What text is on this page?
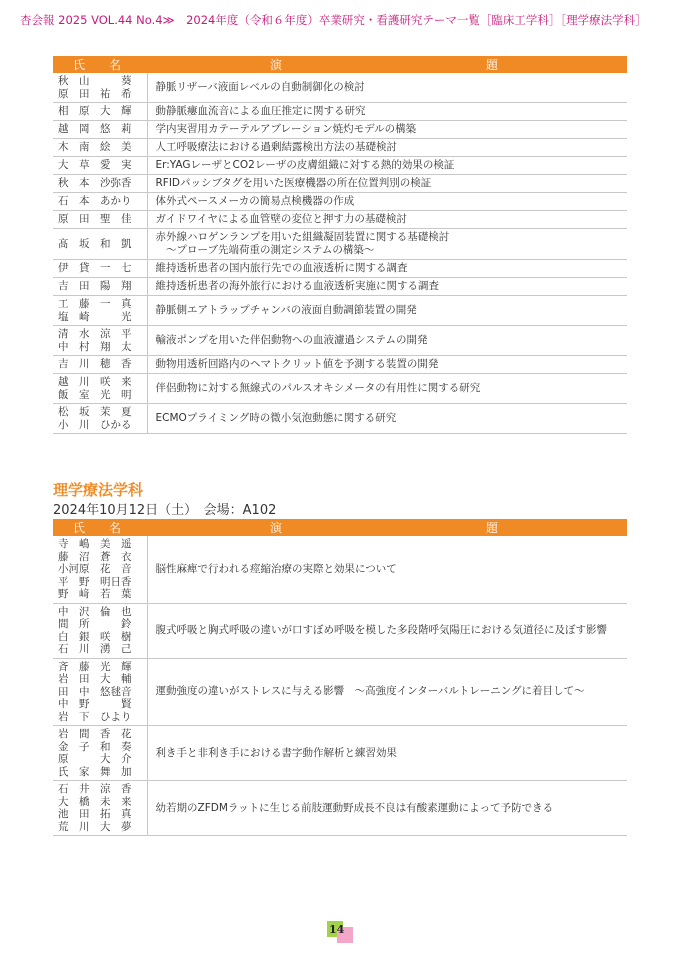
杏会報 2025 VOL.44 No.4≫　2024年度（令和６年度）卒業研究・看護研究テーマ一覧［臨床工学科］［理学療法学科］
氏　名	演　　　　　　　　　　　題

秋　山　　　葵
原　田　祐　希	静脈リザーバ液面レベルの自動制御化の検討

相　原　大　輝	動静脈瘻血流音による血圧推定に関する研究

越　岡　悠　莉	学内実習用カテーテルアブレーション焼灼モデルの構築

木　南　絵　美	人工呼吸療法における過剰結露検出方法の基礎検討

大　草　愛　実	Er:YAGレーザとCO2レーザの皮膚組織に対する熱的効果の検証

秋　本　沙弥香	RFIDパッシブタグを用いた医療機器の所在位置判別の検証

石　本　あかり	体外式ペースメーカの簡易点検機器の作成

原　田　聖　佳	ガイドワイヤによる血管壁の変位と押す力の基礎検討

髙　坂　和　凱	赤外線ハロゲンランプを用いた組織凝固装置に関する基礎検討
　～プローブ先端荷重の測定システムの構築～

伊　貸　一　七	維持透析患者の国内旅行先での血液透析に関する調査

吉　田　陽　翔	維持透析患者の海外旅行における血液透析実施に関する調査

工　藤　一　真
塩　崎　　　光	静脈側エアトラップチャンバの液面自動調節装置の開発

清　水　涼　平
中　村　翔　太	輸液ポンプを用いた伴侶動物への血液濾過システムの開発

吉　川　穂　香	動物用透析回路内のヘマトクリット値を予測する装置の開発

越　川　咲　来
飯　室　光　明	伴侶動物に対する無線式のパルスオキシメータの有用性に関する研究

松　坂　茉　夏
小　川　ひかる	ECMOプライミング時の微小気泡動態に関する研究
理学療法学科
2024年10月12日（土）　会場：A102
氏　名	演　　　　　　　　　　　題

寺　嶋　美　遥
藤　沼　蒼　衣
小河原　花　音
平　野　明日香
野　﨑　若　葉	脳性麻痺で行われる痙縮治療の実際と効果について

中　沢　倫　也
間　所　　　鈴
白　銀　咲　樹
石　川　湧　己	腹式呼吸と胸式呼吸の違いが口すぼめ呼吸を模した多段階呼気陽圧における気道径に及ぼす影響

斉　藤　光　輝
岩　田　大　輔
田　中　悠毬音
中　野　　　賢
岩　下　ひより	運動強度の違いがストレスに与える影響　～高強度インターバルトレーニングに着目して～

岩　間　香　花
金　子　和　奏
原　　　大　介
氏　家　舞　加	利き手と非利き手における書字動作解析と練習効果

石　井　涼　香
大　橋　未　来
池　田　拓　真
荒　川　大　夢	幼若期のZFDMラットに生じる前肢運動野成長不良は有酸素運動によって予防できる
14
